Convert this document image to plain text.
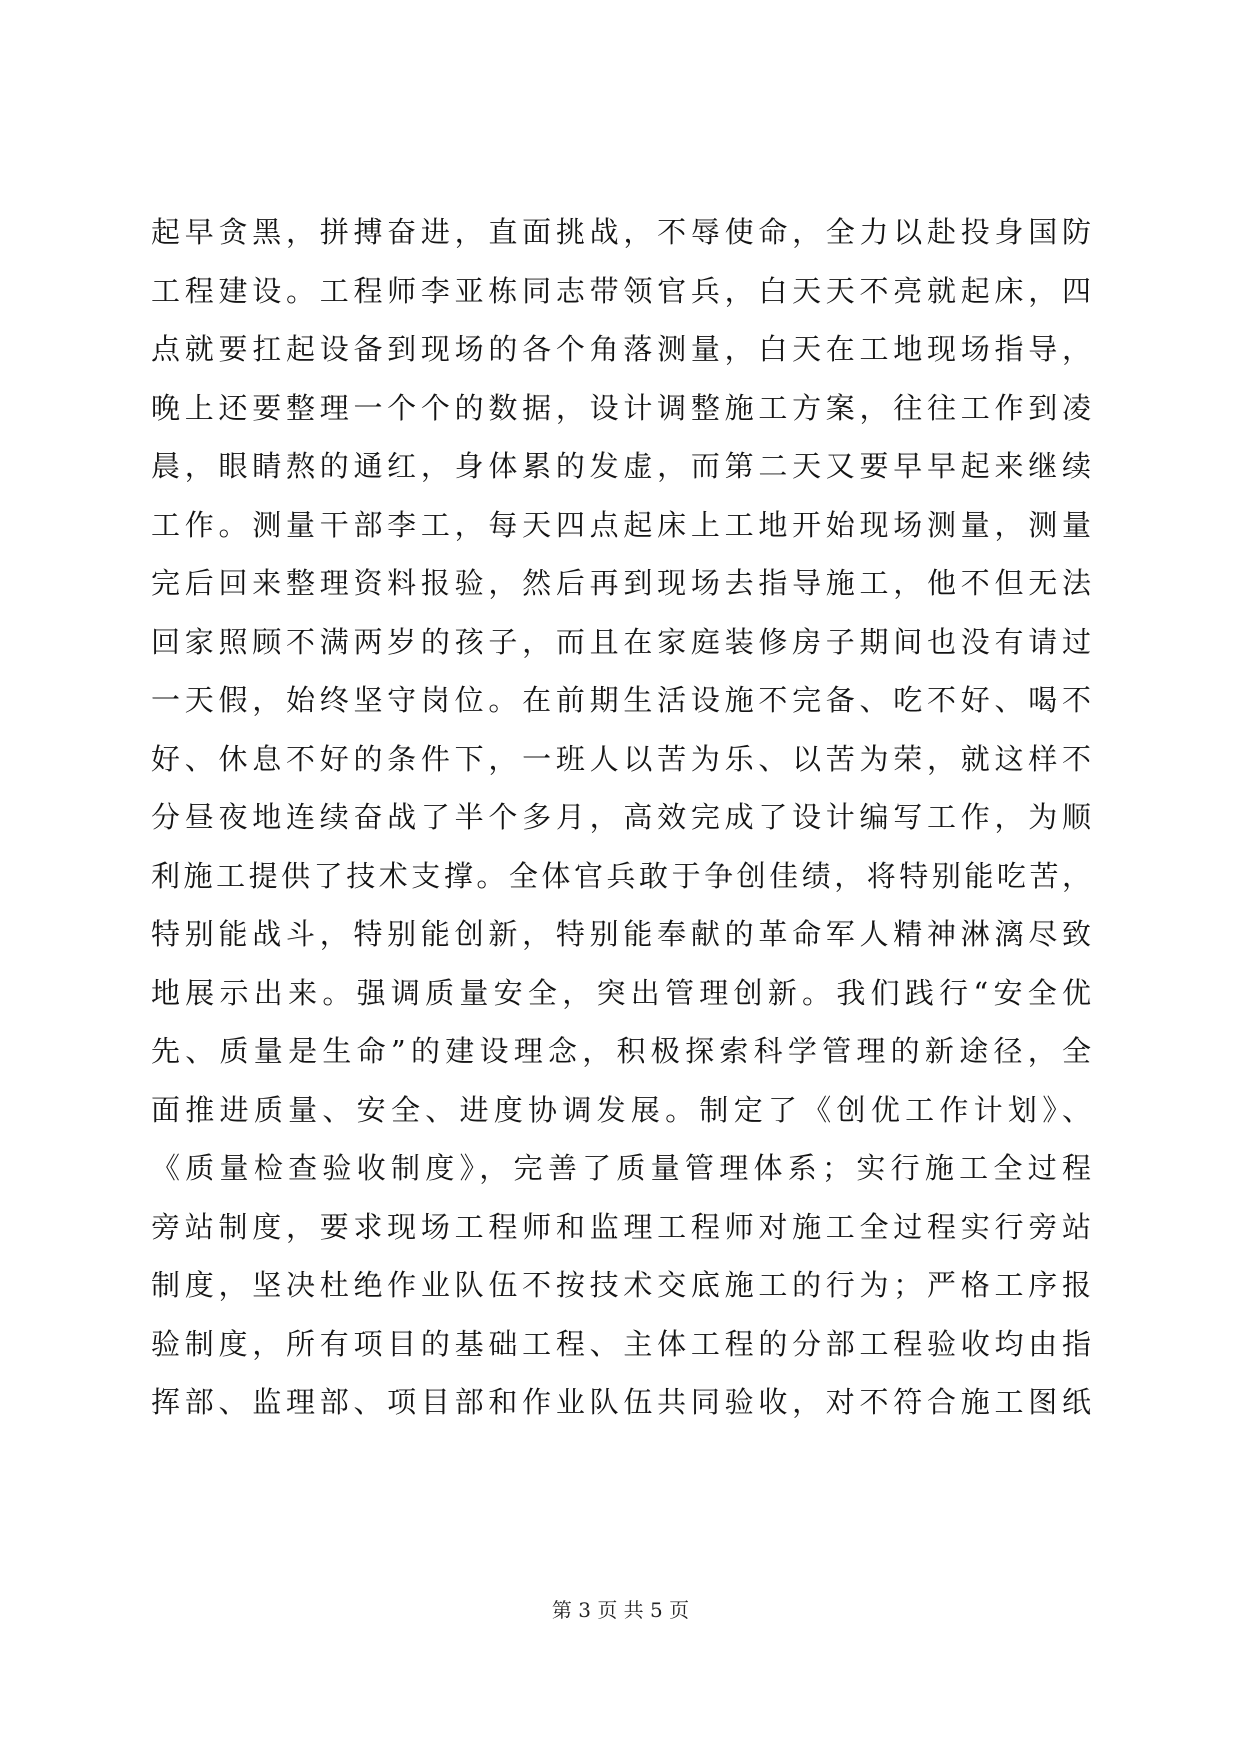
起早贪黑，拼搏奋进，直面挑战，不辱使命，全力以赴投身国防
工程建设。工程师李亚栋同志带领官兵，白天天不亮就起床，四
点就要扛起设备到现场的各个角落测量，白天在工地现场指导，
晚上还要整理一个个的数据，设计调整施工方案，往往工作到凌
晨，眼睛熬的通红，身体累的发虚，而第二天又要早早起来继续
工作。测量干部李工，每天四点起床上工地开始现场测量，测量
完后回来整理资料报验，然后再到现场去指导施工，他不但无法
回家照顾不满两岁的孩子，而且在家庭装修房子期间也没有请过
一天假，始终坚守岗位。在前期生活设施不完备、吃不好、喝不
好、休息不好的条件下，一班人以苦为乐、以苦为荣，就这样不
分昼夜地连续奋战了半个多月，高效完成了设计编写工作，为顺
利施工提供了技术支撑。全体官兵敢于争创佳绩，将特别能吃苦，
特别能战斗，特别能创新，特别能奉献的革命军人精神淋漓尽致
地展示出来。强调质量安全，突出管理创新。我们践行“安全优
先、质量是生命”的建设理念，积极探索科学管理的新途径，全
面推进质量、安全、进度协调发展。制定了《创优工作计划》、
《质量检查验收制度》，完善了质量管理体系；实行施工全过程
旁站制度，要求现场工程师和监理工程师对施工全过程实行旁站
制度，坚决杜绝作业队伍不按技术交底施工的行为；严格工序报
验制度，所有项目的基础工程、主体工程的分部工程验收均由指
挥部、监理部、项目部和作业队伍共同验收，对不符合施工图纸
第 3 页 共 5 页
